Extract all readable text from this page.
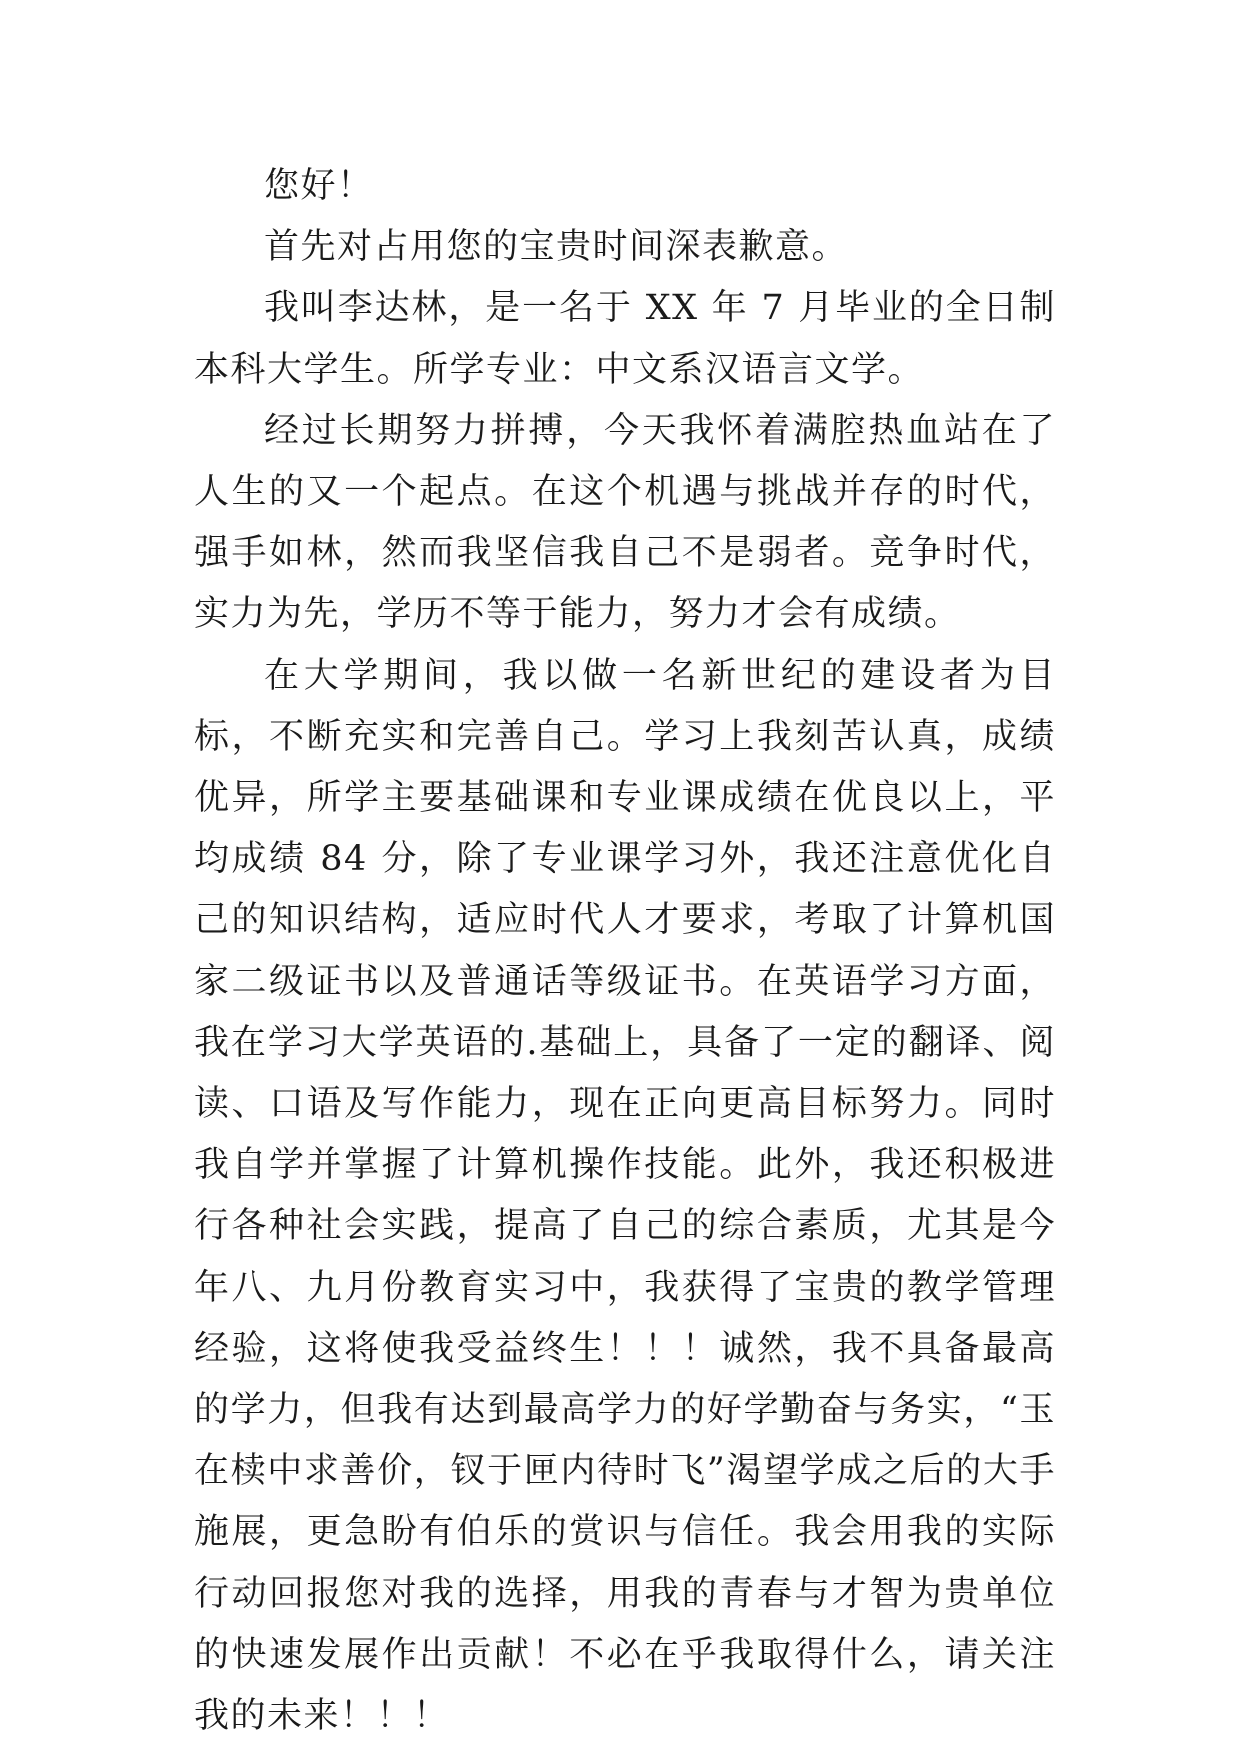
您好！

首先对占用您的宝贵时间深表歉意。

我叫李达林，是一名于 XX 年 7 月毕业的全日制本科大学生。所学专业：中文系汉语言文学。

经过长期努力拼搏，今天我怀着满腔热血站在了人生的又一个起点。在这个机遇与挑战并存的时代，强手如林，然而我坚信我自己不是弱者。竞争时代，实力为先，学历不等于能力，努力才会有成绩。

在大学期间，我以做一名新世纪的建设者为目标，不断充实和完善自己。学习上我刻苦认真，成绩优异，所学主要基础课和专业课成绩在优良以上，平均成绩 84 分，除了专业课学习外，我还注意优化自己的知识结构，适应时代人才要求，考取了计算机国家二级证书以及普通话等级证书。在英语学习方面，我在学习大学英语的.基础上，具备了一定的翻译、阅读、口语及写作能力，现在正向更高目标努力。同时我自学并掌握了计算机操作技能。此外，我还积极进行各种社会实践，提高了自己的综合素质，尤其是今年八、九月份教育实习中，我获得了宝贵的教学管理经验，这将使我受益终生！！！诚然，我不具备最高的学力，但我有达到最高学力的好学勤奋与务实，“玉在椟中求善价，钗于匣内待时飞”渴望学成之后的大手施展，更急盼有伯乐的赏识与信任。我会用我的实际行动回报您对我的选择，用我的青春与才智为贵单位的快速发展作出贡献！不必在乎我取得什么，请关注我的未来！！！
